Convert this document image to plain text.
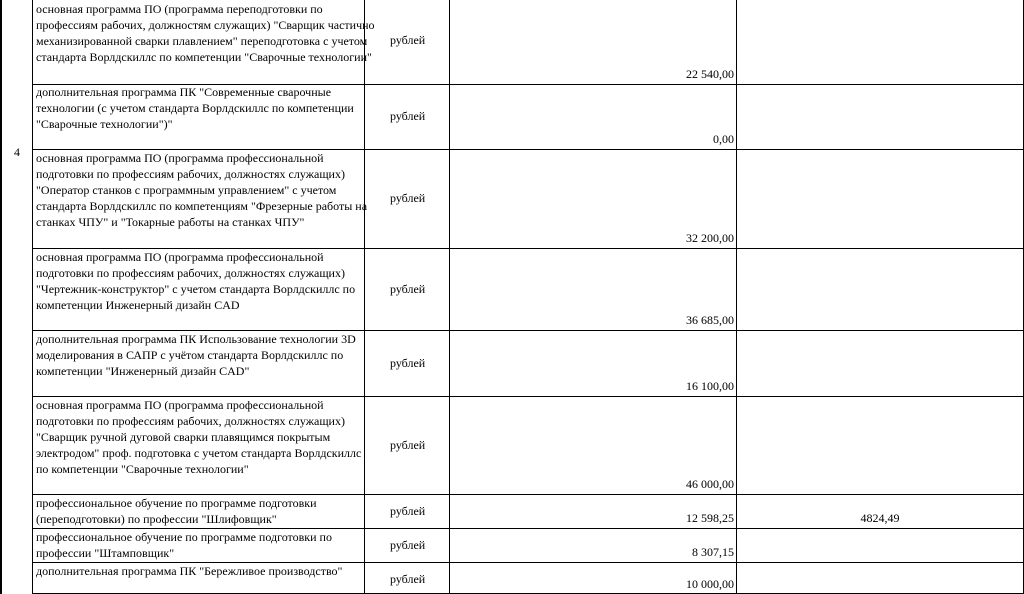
4
основная программа ПО (программа переподготовки по профессиям рабочих, должностям служащих) "Сварщик частично механизированной сварки плавлением" переподготовка с учетом стандарта Ворлдскиллс по компетенции "Сварочные технологии"
рублей
22 540,00
дополнительная программа ПК "Современные сварочные технологии (с учетом стандарта Ворлдскиллс по компетенции "Сварочные технологии")"
рублей
0,00
основная программа ПО (программа профессиональной подготовки по профессиям рабочих, должностях служащих) "Оператор станков с программным управлением" с учетом стандарта Ворлдскиллс по компетенциям "Фрезерные работы на станках ЧПУ" и "Токарные работы на станках ЧПУ"
рублей
32 200,00
основная программа ПО (программа профессиональной подготовки по профессиям рабочих, должностях служащих) "Чертежник-конструктор" с учетом стандарта Ворлдскиллс по компетенции Инженерный дизайн CAD
рублей
36 685,00
дополнительная программа ПК Использование технологии 3D моделирования в САПР с учётом стандарта Ворлдскиллс по компетенции "Инженерный дизайн CAD"
рублей
16 100,00
основная программа ПО (программа профессиональной подготовки по профессиям рабочих, должностях служащих) "Сварщик ручной дуговой сварки плавящимся покрытым электродом" проф. подготовка с учетом стандарта Ворлдскиллс по компетенции "Сварочные технологии"
рублей
46 000,00
профессиональное обучение по программе подготовки (переподготовки) по профессии "Шлифовщик"
рублей	12 598,25	4824,49
профессиональное обучение по программе подготовки по профессии "Штамповщик"
рублей	8 307,15
дополнительная программа ПК "Бережливое производство"
рублей	10 000,00
